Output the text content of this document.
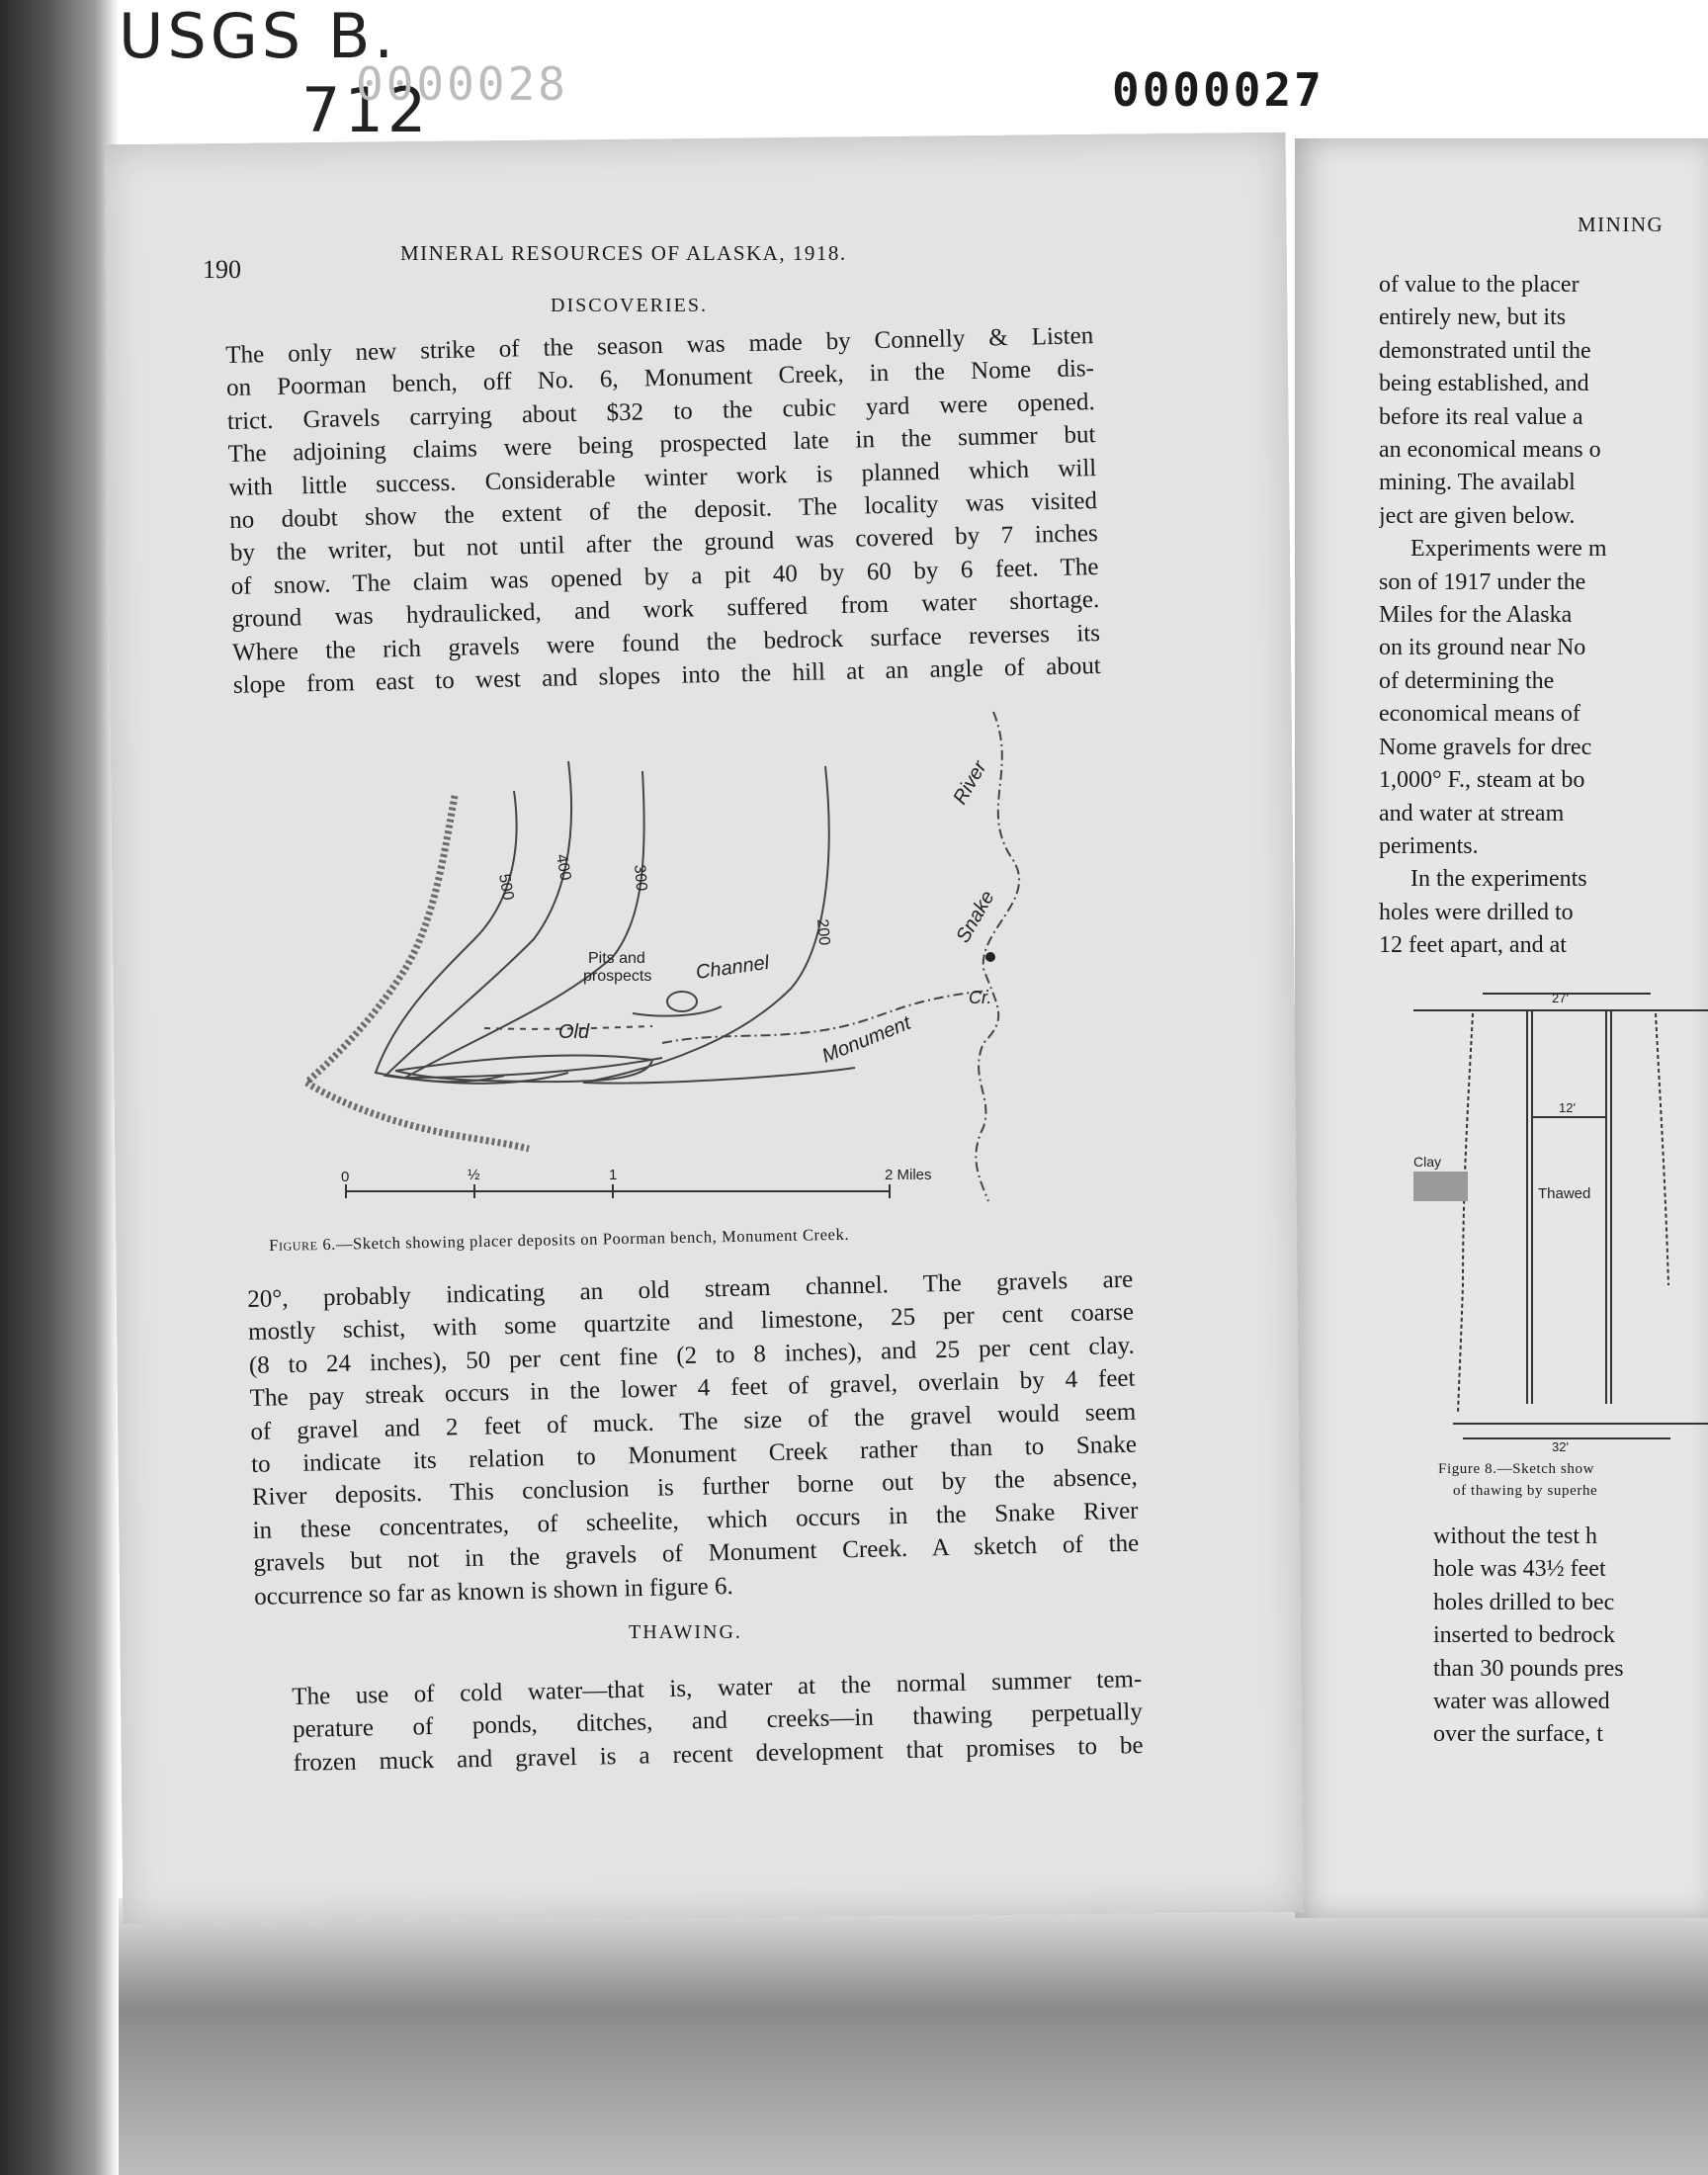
USGS B.
712
0000028	0000027
190
MINERAL RESOURCES OF ALASKA, 1918.
DISCOVERIES.
The only new strike of the season was made by Connelly & Listen
on Poorman bench, off No. 6, Monument Creek, in the Nome dis-
trict. Gravels carrying about $32 to the cubic yard were opened.
The adjoining claims were being prospected late in the summer but
with little success. Considerable winter work is planned which will
no doubt show the extent of the deposit. The locality was visited
by the writer, but not until after the ground was covered by 7 inches
of snow. The claim was opened by a pit 40 by 60 by 6 feet. The
ground was hydraulicked, and work suffered from water shortage.
Where the rich gravels were found the bedrock surface reverses its
slope from east to west and slopes into the hill at an angle of about
500
400	300
200
River
Snake
Pits and
prospects Channel
Old	Monument
Cr.
0	½	1	2 Miles
Figure 6.—Sketch showing placer deposits on Poorman bench, Monument Creek.
20°, probably indicating an old stream channel. The gravels are
mostly schist, with some quartzite and limestone, 25 per cent coarse
(8 to 24 inches), 50 per cent fine (2 to 8 inches), and 25 per cent clay.
The pay streak occurs in the lower 4 feet of gravel, overlain by 4 feet
of gravel and 2 feet of muck. The size of the gravel would seem
to indicate its relation to Monument Creek rather than to Snake
River deposits. This conclusion is further borne out by the absence,
in these concentrates, of scheelite, which occurs in the Snake River
gravels but not in the gravels of Monument Creek. A sketch of the
occurrence so far as known is shown in figure 6.
THAWING.
The use of cold water—that is, water at the normal summer tem-
perature of ponds, ditches, and creeks—in thawing perpetually
frozen muck and gravel is a recent development that promises to be
MINING
of value to the placer
entirely new, but its
demonstrated until the
being established, and
before its real value a
an economical means o
mining. The availabl
ject are given below.
Experiments were m
son of 1917 under the
Miles for the Alaska
on its ground near No
of determining the
economical means of
Nome gravels for drec
1,000° F., steam at bo
and water at stream
periments.
In the experiments
holes were drilled to
12 feet apart, and at
27'
12'
Clay
Thawed
32'
Figure 8.—Sketch show
of thawing by superhe
without the test h
hole was 43½ feet
holes drilled to bec
inserted to bedrock
than 30 pounds pres
water was allowed
over the surface, t
